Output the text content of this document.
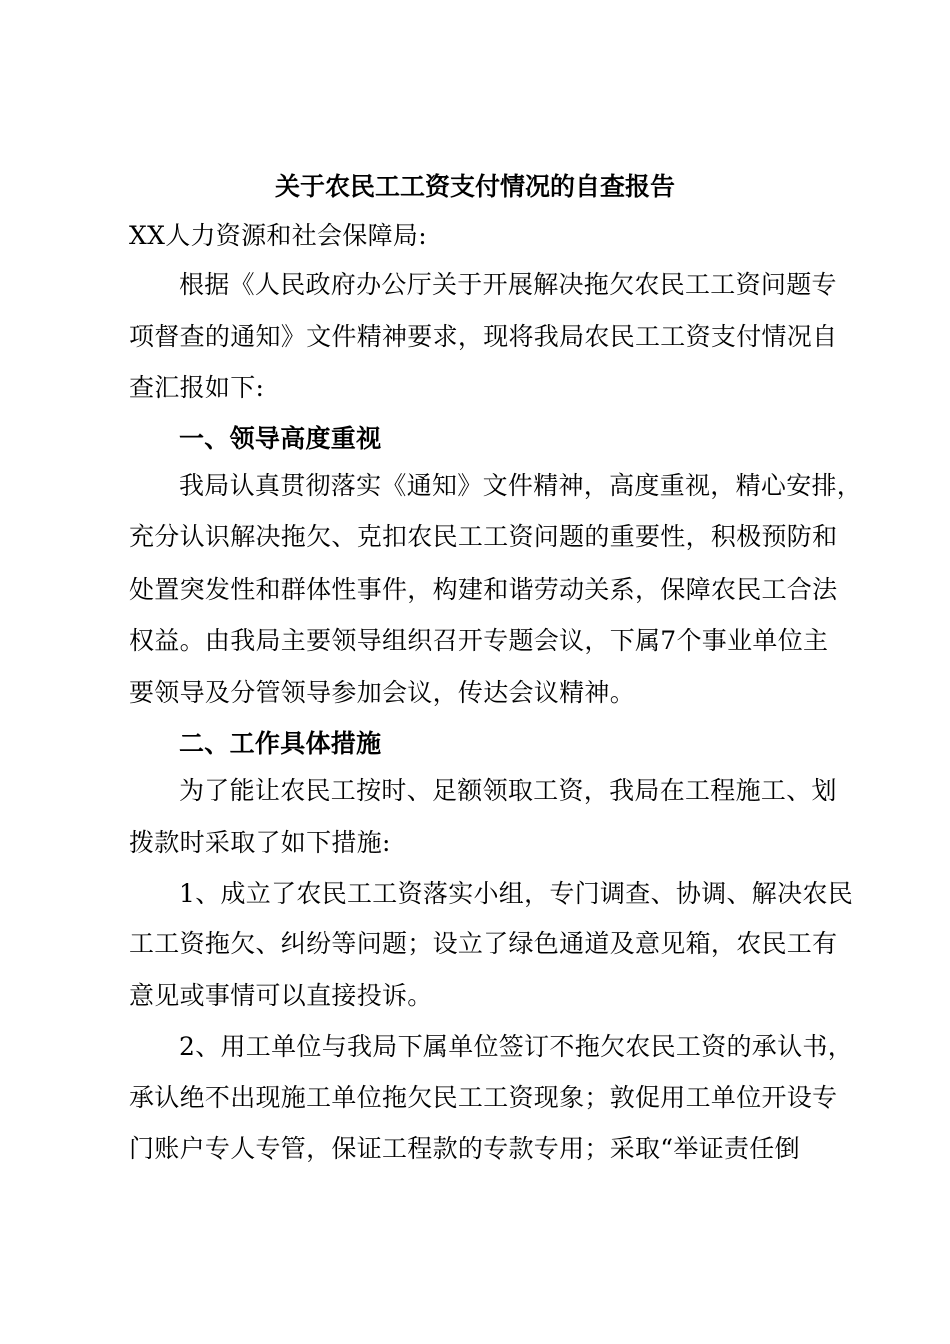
关于农民工工资支付情况的自查报告
XX人力资源和社会保障局:
根据《人民政府办公厅关于开展解决拖欠农民工工资问题专
项督查的通知》文件精神要求，现将我局农民工工资支付情况自
查汇报如下:
一、领导高度重视
我局认真贯彻落实《通知》文件精神，高度重视，精心安排，
充分认识解决拖欠、克扣农民工工资问题的重要性，积极预防和
处置突发性和群体性事件，构建和谐劳动关系，保障农民工合法
权益。由我局主要领导组织召开专题会议，下属7个事业单位主
要领导及分管领导参加会议，传达会议精神。
二、工作具体措施
为了能让农民工按时、足额领取工资，我局在工程施工、划
拨款时采取了如下措施:
1、成立了农民工工资落实小组，专门调查、协调、解决农民
工工资拖欠、纠纷等问题；设立了绿色通道及意见箱，农民工有
意见或事情可以直接投诉。
2、用工单位与我局下属单位签订不拖欠农民工资的承认书，
承认绝不出现施工单位拖欠民工工资现象；敦促用工单位开设专
门账户专人专管，保证工程款的专款专用；采取“举证责任倒
